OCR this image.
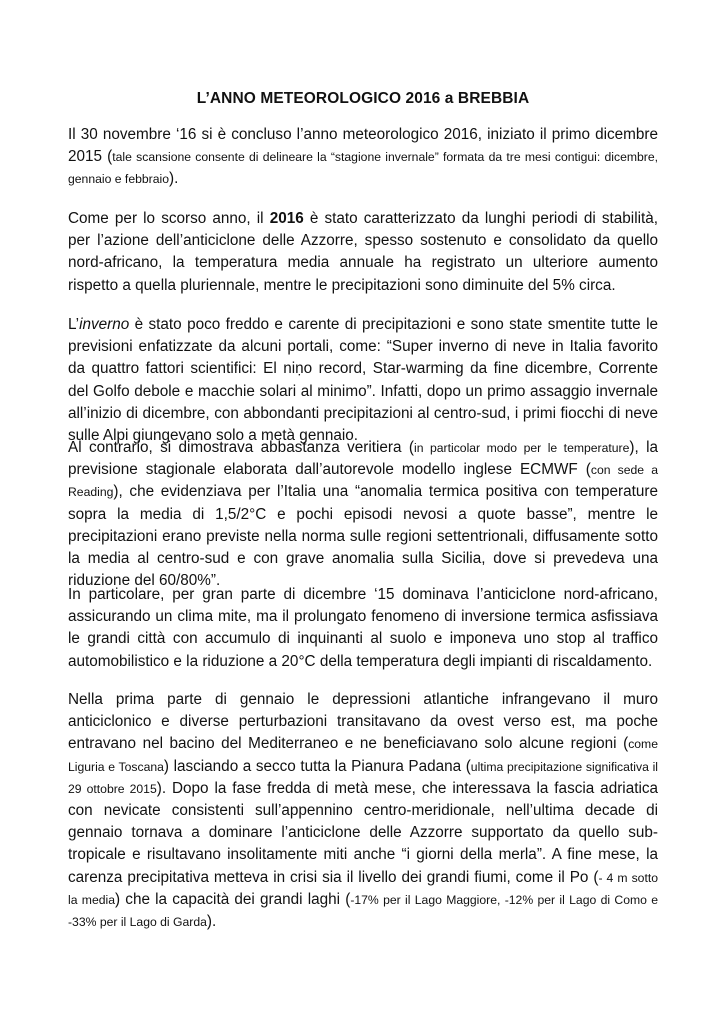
L’ANNO METEOROLOGICO 2016 a BREBBIA
Il 30 novembre ‘16 si è concluso l’anno meteorologico 2016, iniziato il primo dicembre 2015 (tale scansione consente di delineare la “stagione invernale” formata da tre mesi contigui: dicembre, gennaio e febbraio).
Come per lo scorso anno, il 2016 è stato caratterizzato da lunghi periodi di stabilità, per l’azione dell’anticiclone delle Azzorre, spesso sostenuto e consolidato da quello nord-africano, la temperatura media annuale ha registrato un ulteriore aumento rispetto a quella pluriennale, mentre le precipitazioni sono diminuite del 5% circa.
L’inverno è stato poco freddo e carente di precipitazioni e sono state smentite tutte le previsioni enfatizzate da alcuni portali, come: “Super inverno di neve in Italia favorito da quattro fattori scientifici: El niṇo record, Star-warming da fine dicembre, Corrente del Golfo debole e macchie solari al minimo”. Infatti, dopo un primo assaggio invernale all’inizio di dicembre, con abbondanti precipitazioni al centro-sud, i primi fiocchi di neve sulle Alpi giungevano solo a metà gennaio.
Al contrario, si dimostrava abbastanza veritiera (in particolar modo per le temperature), la previsione stagionale elaborata dall’autorevole modello inglese ECMWF (con sede a Reading), che evidenziava per l’Italia una “anomalia termica positiva con temperature sopra la media di 1,5/2°C e pochi episodi nevosi a quote basse”, mentre le precipitazioni erano previste nella norma sulle regioni settentrionali, diffusamente sotto la media al centro-sud e con grave anomalia sulla Sicilia, dove si prevedeva una riduzione del 60/80%”.
In particolare, per gran parte di dicembre ‘15 dominava l’anticiclone nord-africano, assicurando un clima mite, ma il prolungato fenomeno di inversione termica asfissiava le grandi città con accumulo di inquinanti al suolo e imponeva uno stop al traffico automobilistico e la riduzione a 20°C della temperatura degli impianti di riscaldamento.
Nella prima parte di gennaio le depressioni atlantiche infrangevano il muro anticiclonico e diverse perturbazioni transitavano da ovest verso est, ma poche entravano nel bacino del Mediterraneo e ne beneficiavano solo alcune regioni (come Liguria e Toscana) lasciando a secco tutta la Pianura Padana (ultima precipitazione significativa il 29 ottobre 2015). Dopo la fase fredda di metà mese, che interessava la fascia adriatica con nevicate consistenti sull’appennino centro-meridionale, nell’ultima decade di gennaio tornava a dominare l’anticiclone delle Azzorre supportato da quello sub-tropicale e risultavano insolitamente miti anche “i giorni della merla”. A fine mese, la carenza precipitativa metteva in crisi sia il livello dei grandi fiumi, come il Po (- 4 m sotto la media) che la capacità dei grandi laghi (-17% per il Lago Maggiore, -12% per il Lago di Como e -33% per il Lago di Garda).
